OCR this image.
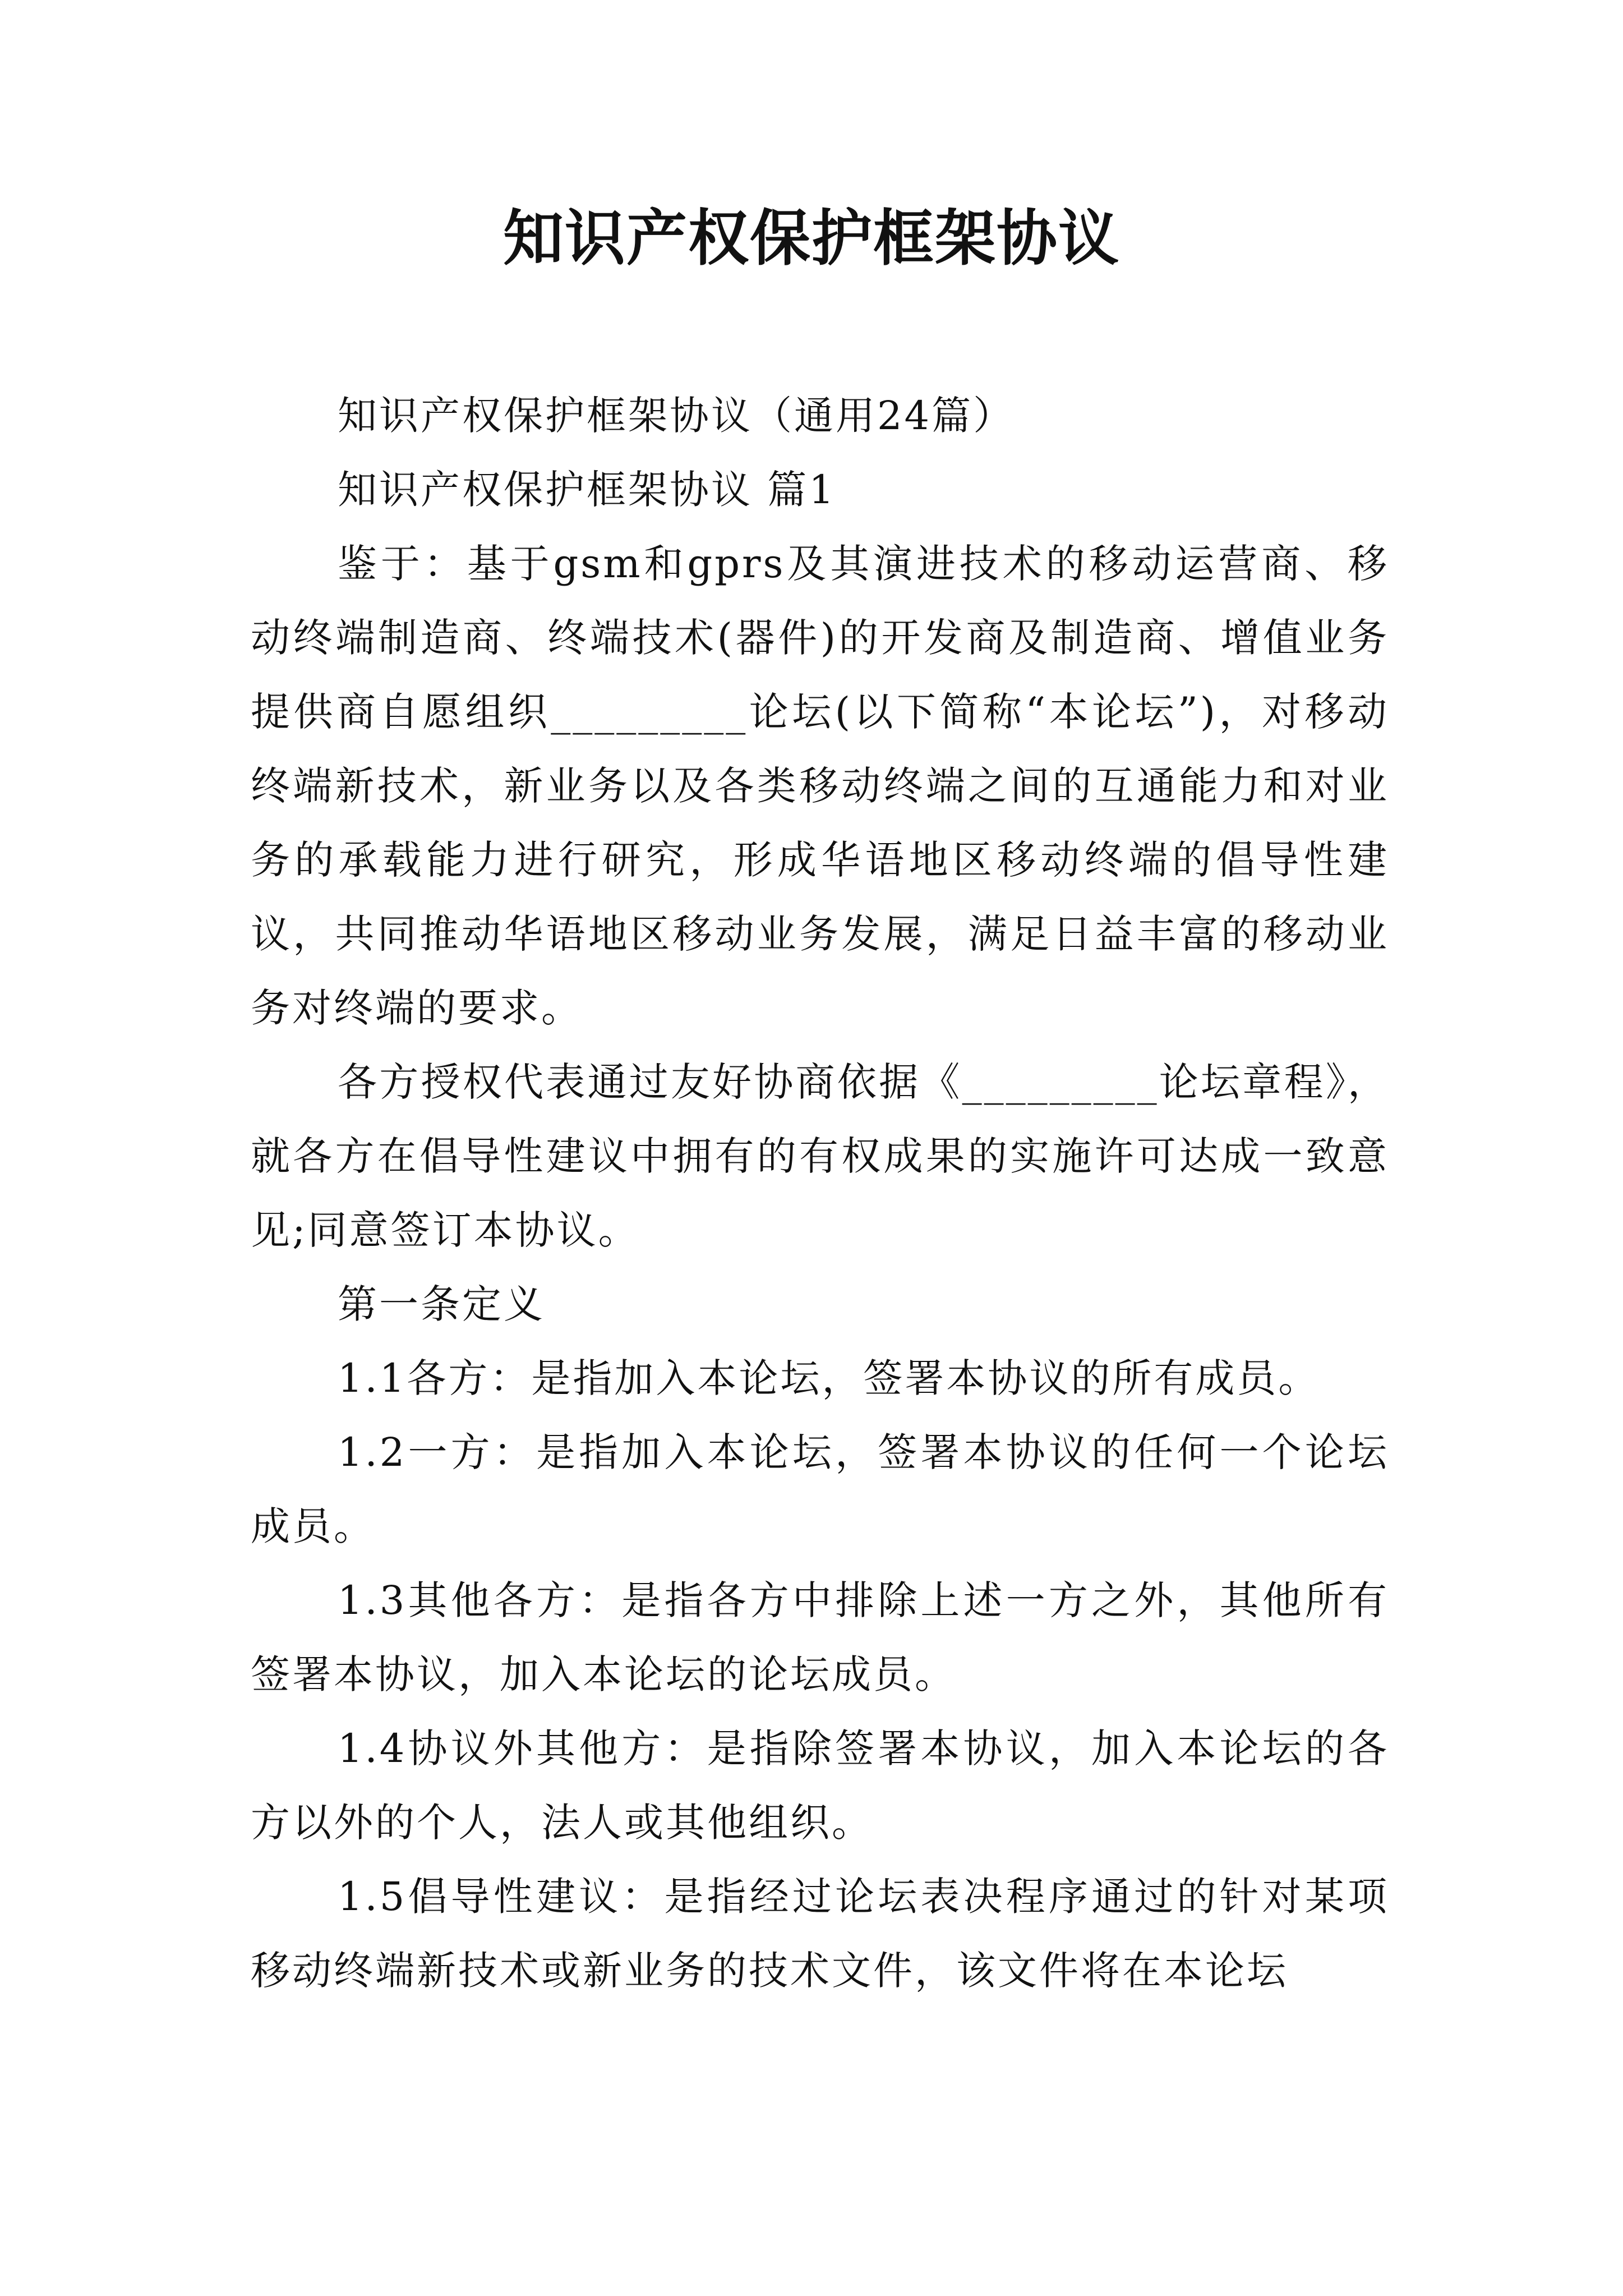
知识产权保护框架协议

知识产权保护框架协议（通用24篇）

知识产权保护框架协议 篇1

鉴于：基于gsm和gprs及其演进技术的移动运营商、移动终端制造商、终端技术(器件)的开发商及制造商、增值业务提供商自愿组织_________论坛(以下简称“本论坛”)，对移动终端新技术，新业务以及各类移动终端之间的互通能力和对业务的承载能力进行研究，形成华语地区移动终端的倡导性建议，共同推动华语地区移动业务发展，满足日益丰富的移动业务对终端的要求。

各方授权代表通过友好协商依据《_________论坛章程》，就各方在倡导性建议中拥有的有权成果的实施许可达成一致意见;同意签订本协议。

第一条定义

1.1各方：是指加入本论坛，签署本协议的所有成员。

1.2一方：是指加入本论坛，签署本协议的任何一个论坛成员。

1.3其他各方：是指各方中排除上述一方之外，其他所有签署本协议，加入本论坛的论坛成员。

1.4协议外其他方：是指除签署本协议，加入本论坛的各方以外的个人，法人或其他组织。

1.5倡导性建议：是指经过论坛表决程序通过的针对某项移动终端新技术或新业务的技术文件，该文件将在本论坛
